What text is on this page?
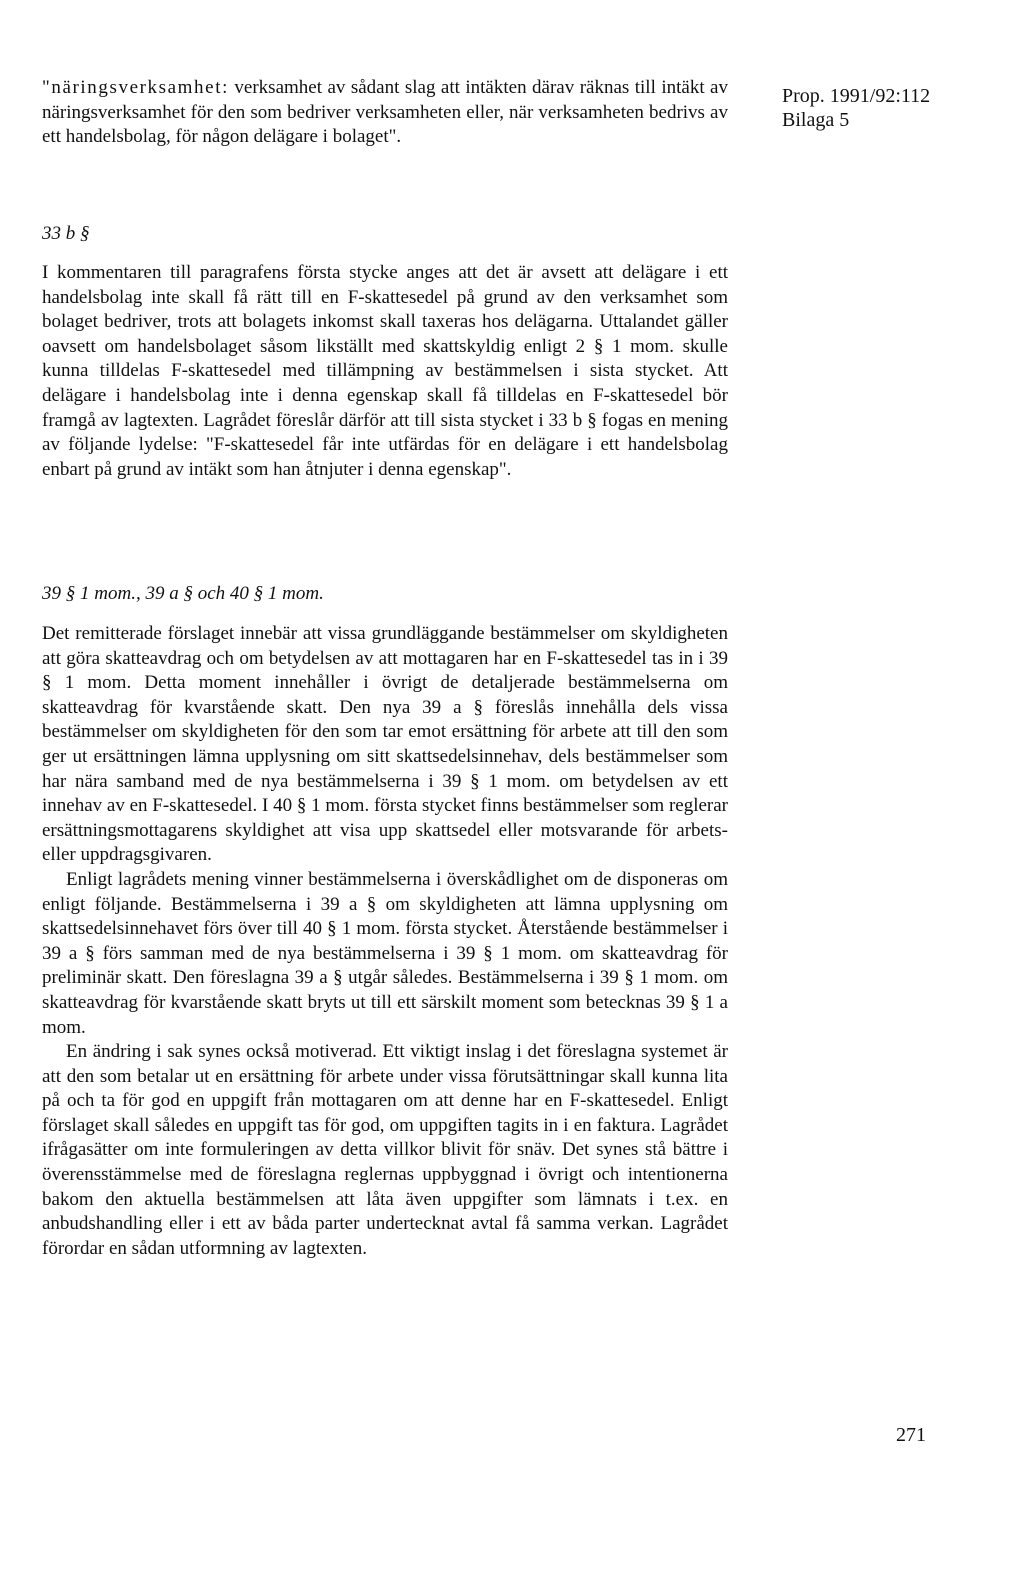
Prop. 1991/92:112
Bilaga 5

"näringsverksamhet: verksamhet av sådant slag att intäkten därav räknas till intäkt av näringsverksamhet för den som bedriver verksamheten eller, när verksamheten bedrivs av ett handelsbolag, för någon delägare i bolaget".

33 b §

I kommentaren till paragrafens första stycke anges att det är avsett att delägare i ett handelsbolag inte skall få rätt till en F-skattesedel på grund av den verksamhet som bolaget bedriver, trots att bolagets inkomst skall taxeras hos delägarna. Uttalandet gäller oavsett om handelsbolaget såsom likställt med skattskyldig enligt 2 § 1 mom. skulle kunna tilldelas F-skattesedel med tillämpning av bestämmelsen i sista stycket. Att delägare i handelsbolag inte i denna egenskap skall få tilldelas en F-skattesedel bör framgå av lagtexten. Lagrådet föreslår därför att till sista stycket i 33 b § fogas en mening av följande lydelse: "F-skattesedel får inte utfärdas för en delägare i ett handelsbolag enbart på grund av intäkt som han åtnjuter i denna egenskap".

39 § 1 mom., 39 a § och 40 § 1 mom.

Det remitterade förslaget innebär att vissa grundläggande bestämmelser om skyldigheten att göra skatteavdrag och om betydelsen av att mottagaren har en F-skattesedel tas in i 39 § 1 mom. Detta moment innehåller i övrigt de detaljerade bestämmelserna om skatteavdrag för kvarstående skatt. Den nya 39 a § föreslås innehålla dels vissa bestämmelser om skyldigheten för den som tar emot ersättning för arbete att till den som ger ut ersättningen lämna upplysning om sitt skattsedelsinnehav, dels bestämmelser som har nära samband med de nya bestämmelserna i 39 § 1 mom. om betydelsen av ett innehav av en F-skattesedel. I 40 § 1 mom. första stycket finns bestämmelser som reglerar ersättningsmottagarens skyldighet att visa upp skattsedel eller motsvarande för arbets- eller uppdragsgivaren.

Enligt lagrådets mening vinner bestämmelserna i överskådlighet om de disponeras om enligt följande. Bestämmelserna i 39 a § om skyldigheten att lämna upplysning om skattsedelsinnehavet förs över till 40 § 1 mom. första stycket. Återstående bestämmelser i 39 a § förs samman med de nya bestämmelserna i 39 § 1 mom. om skatteavdrag för preliminär skatt. Den föreslagna 39 a § utgår således. Bestämmelserna i 39 § 1 mom. om skatteavdrag för kvarstående skatt bryts ut till ett särskilt moment som betecknas 39 § 1 a mom.

En ändring i sak synes också motiverad. Ett viktigt inslag i det föreslagna systemet är att den som betalar ut en ersättning för arbete under vissa förutsättningar skall kunna lita på och ta för god en uppgift från mottagaren om att denne har en F-skattesedel. Enligt förslaget skall således en uppgift tas för god, om uppgiften tagits in i en faktura. Lagrådet ifrågasätter om inte formuleringen av detta villkor blivit för snäv. Det synes stå bättre i överensstämmelse med de föreslagna reglernas uppbyggnad i övrigt och intentionerna bakom den aktuella bestämmelsen att låta även uppgifter som lämnats i t.ex. en anbudshandling eller i ett av båda parter undertecknat avtal få samma verkan. Lagrådet förordar en sådan utformning av lagtexten.

271
